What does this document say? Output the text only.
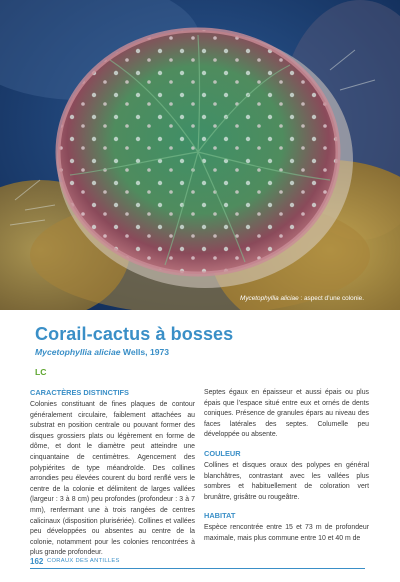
Mycetophyllia aliciae : aspect d’une colonie.
Corail-cactus à bosses
Mycetophyllia aliciae Wells, 1973
LC
CARACTÈRES DISTINCTIFS

Colonies constituant de fines plaques de contour généralement circulaire, faiblement attachées au substrat en position centrale ou pouvant former des disques grossiers plats ou légèrement en forme de dôme, et dont le diamètre peut atteindre une cinquantaine de centimètres. Agencement des polypiérites de type méandroïde. Des collines arrondies peu élevées courent du bord renflé vers le centre de la colonie et délimitent de larges vallées (largeur : 3 à 8 cm) peu profondes (profondeur : 3 à 7 mm), renfermant une à trois rangées de centres calicinaux (disposition plurisériée). Collines et vallées peu développées ou absentes au centre de la colonie, notamment pour les colonies rencontrées à plus grande profondeur.

Septes égaux en épaisseur et aussi épais ou plus épais que l’espace situé entre eux et ornés de dents coniques. Présence de granules épars au niveau des faces latérales des septes. Columelle peu développée ou absente.

COULEUR

Collines et disques oraux des polypes en général blanchâtres, contrastant avec les vallées plus sombres et habituellement de coloration vert brunâtre, grisâtre ou rougeâtre.

HABITAT

Espèce rencontrée entre 15 et 73 m de profondeur maximale, mais plus commune entre 10 et 40 m de

162 CORAUX DES ANTILLES
